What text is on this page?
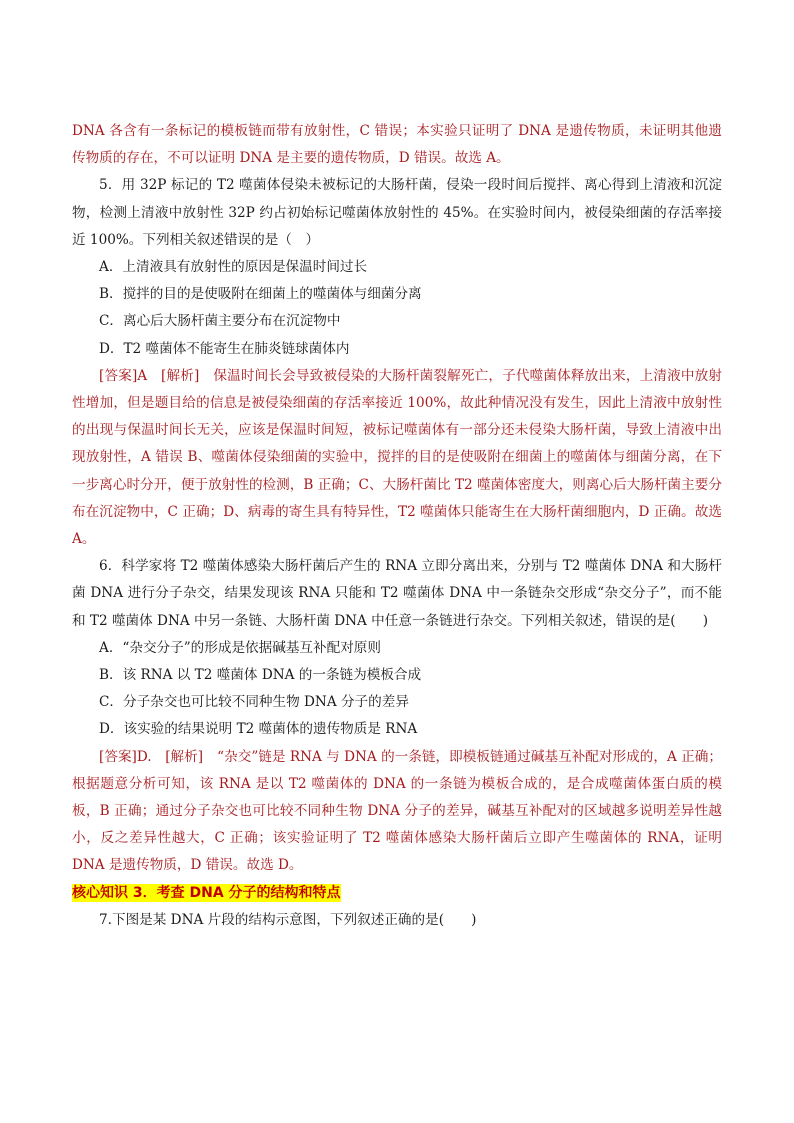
DNA 各含有一条标记的模板链而带有放射性，C 错误；本实验只证明了 DNA 是遗传物质，未证明其他遗传物质的存在，不可以证明 DNA 是主要的遗传物质，D 错误。故选 A。

5．用 32P 标记的 T2 噬菌体侵染未被标记的大肠杆菌，侵染一段时间后搅拌、离心得到上清液和沉淀物，检测上清液中放射性 32P 约占初始标记噬菌体放射性的 45%。在实验时间内，被侵染细菌的存活率接近 100%。下列相关叙述错误的是（　）

A．上清液具有放射性的原因是保温时间过长

B．搅拌的目的是使吸附在细菌上的噬菌体与细菌分离

C．离心后大肠杆菌主要分布在沉淀物中

D．T2 噬菌体不能寄生在肺炎链球菌体内

[答案]A　[解析] 保温时间长会导致被侵染的大肠杆菌裂解死亡，子代噬菌体释放出来，上清液中放射性增加，但是题目给的信息是被侵染细菌的存活率接近 100%，故此种情况没有发生，因此上清液中放射性的出现与保温时间长无关，应该是保温时间短，被标记噬菌体有一部分还未侵染大肠杆菌，导致上清液中出现放射性，A 错误 B、噬菌体侵染细菌的实验中，搅拌的目的是使吸附在细菌上的噬菌体与细菌分离，在下一步离心时分开，便于放射性的检测，B 正确；C、大肠杆菌比 T2 噬菌体密度大，则离心后大肠杆菌主要分布在沉淀物中，C 正确；D、病毒的寄生具有特异性，T2 噬菌体只能寄生在大肠杆菌细胞内，D 正确。故选 A。

6．科学家将 T2 噬菌体感染大肠杆菌后产生的 RNA 立即分离出来，分别与 T2 噬菌体 DNA 和大肠杆菌 DNA 进行分子杂交，结果发现该 RNA 只能和 T2 噬菌体 DNA 中一条链杂交形成“杂交分子”，而不能和 T2 噬菌体 DNA 中另一条链、大肠杆菌 DNA 中任意一条链进行杂交。下列相关叙述，错误的是(　　)

A．“杂交分子”的形成是依据碱基互补配对原则

B．该 RNA 以 T2 噬菌体 DNA 的一条链为模板合成

C．分子杂交也可比较不同种生物 DNA 分子的差异

D．该实验的结果说明 T2 噬菌体的遗传物质是 RNA

[答案]D.　[解析] “杂交”链是 RNA 与 DNA 的一条链，即模板链通过碱基互补配对形成的，A 正确；根据题意分析可知，该 RNA 是以 T2 噬菌体的 DNA 的一条链为模板合成的，是合成噬菌体蛋白质的模板，B 正确；通过分子杂交也可比较不同种生物 DNA 分子的差异，碱基互补配对的区域越多说明差异性越小，反之差异性越大，C 正确；该实验证明了 T2 噬菌体感染大肠杆菌后立即产生噬菌体的 RNA，证明 DNA 是遗传物质，D 错误。故选 D。

核心知识 3．考查 DNA 分子的结构和特点

7.下图是某 DNA 片段的结构示意图，下列叙述正确的是(　　)
